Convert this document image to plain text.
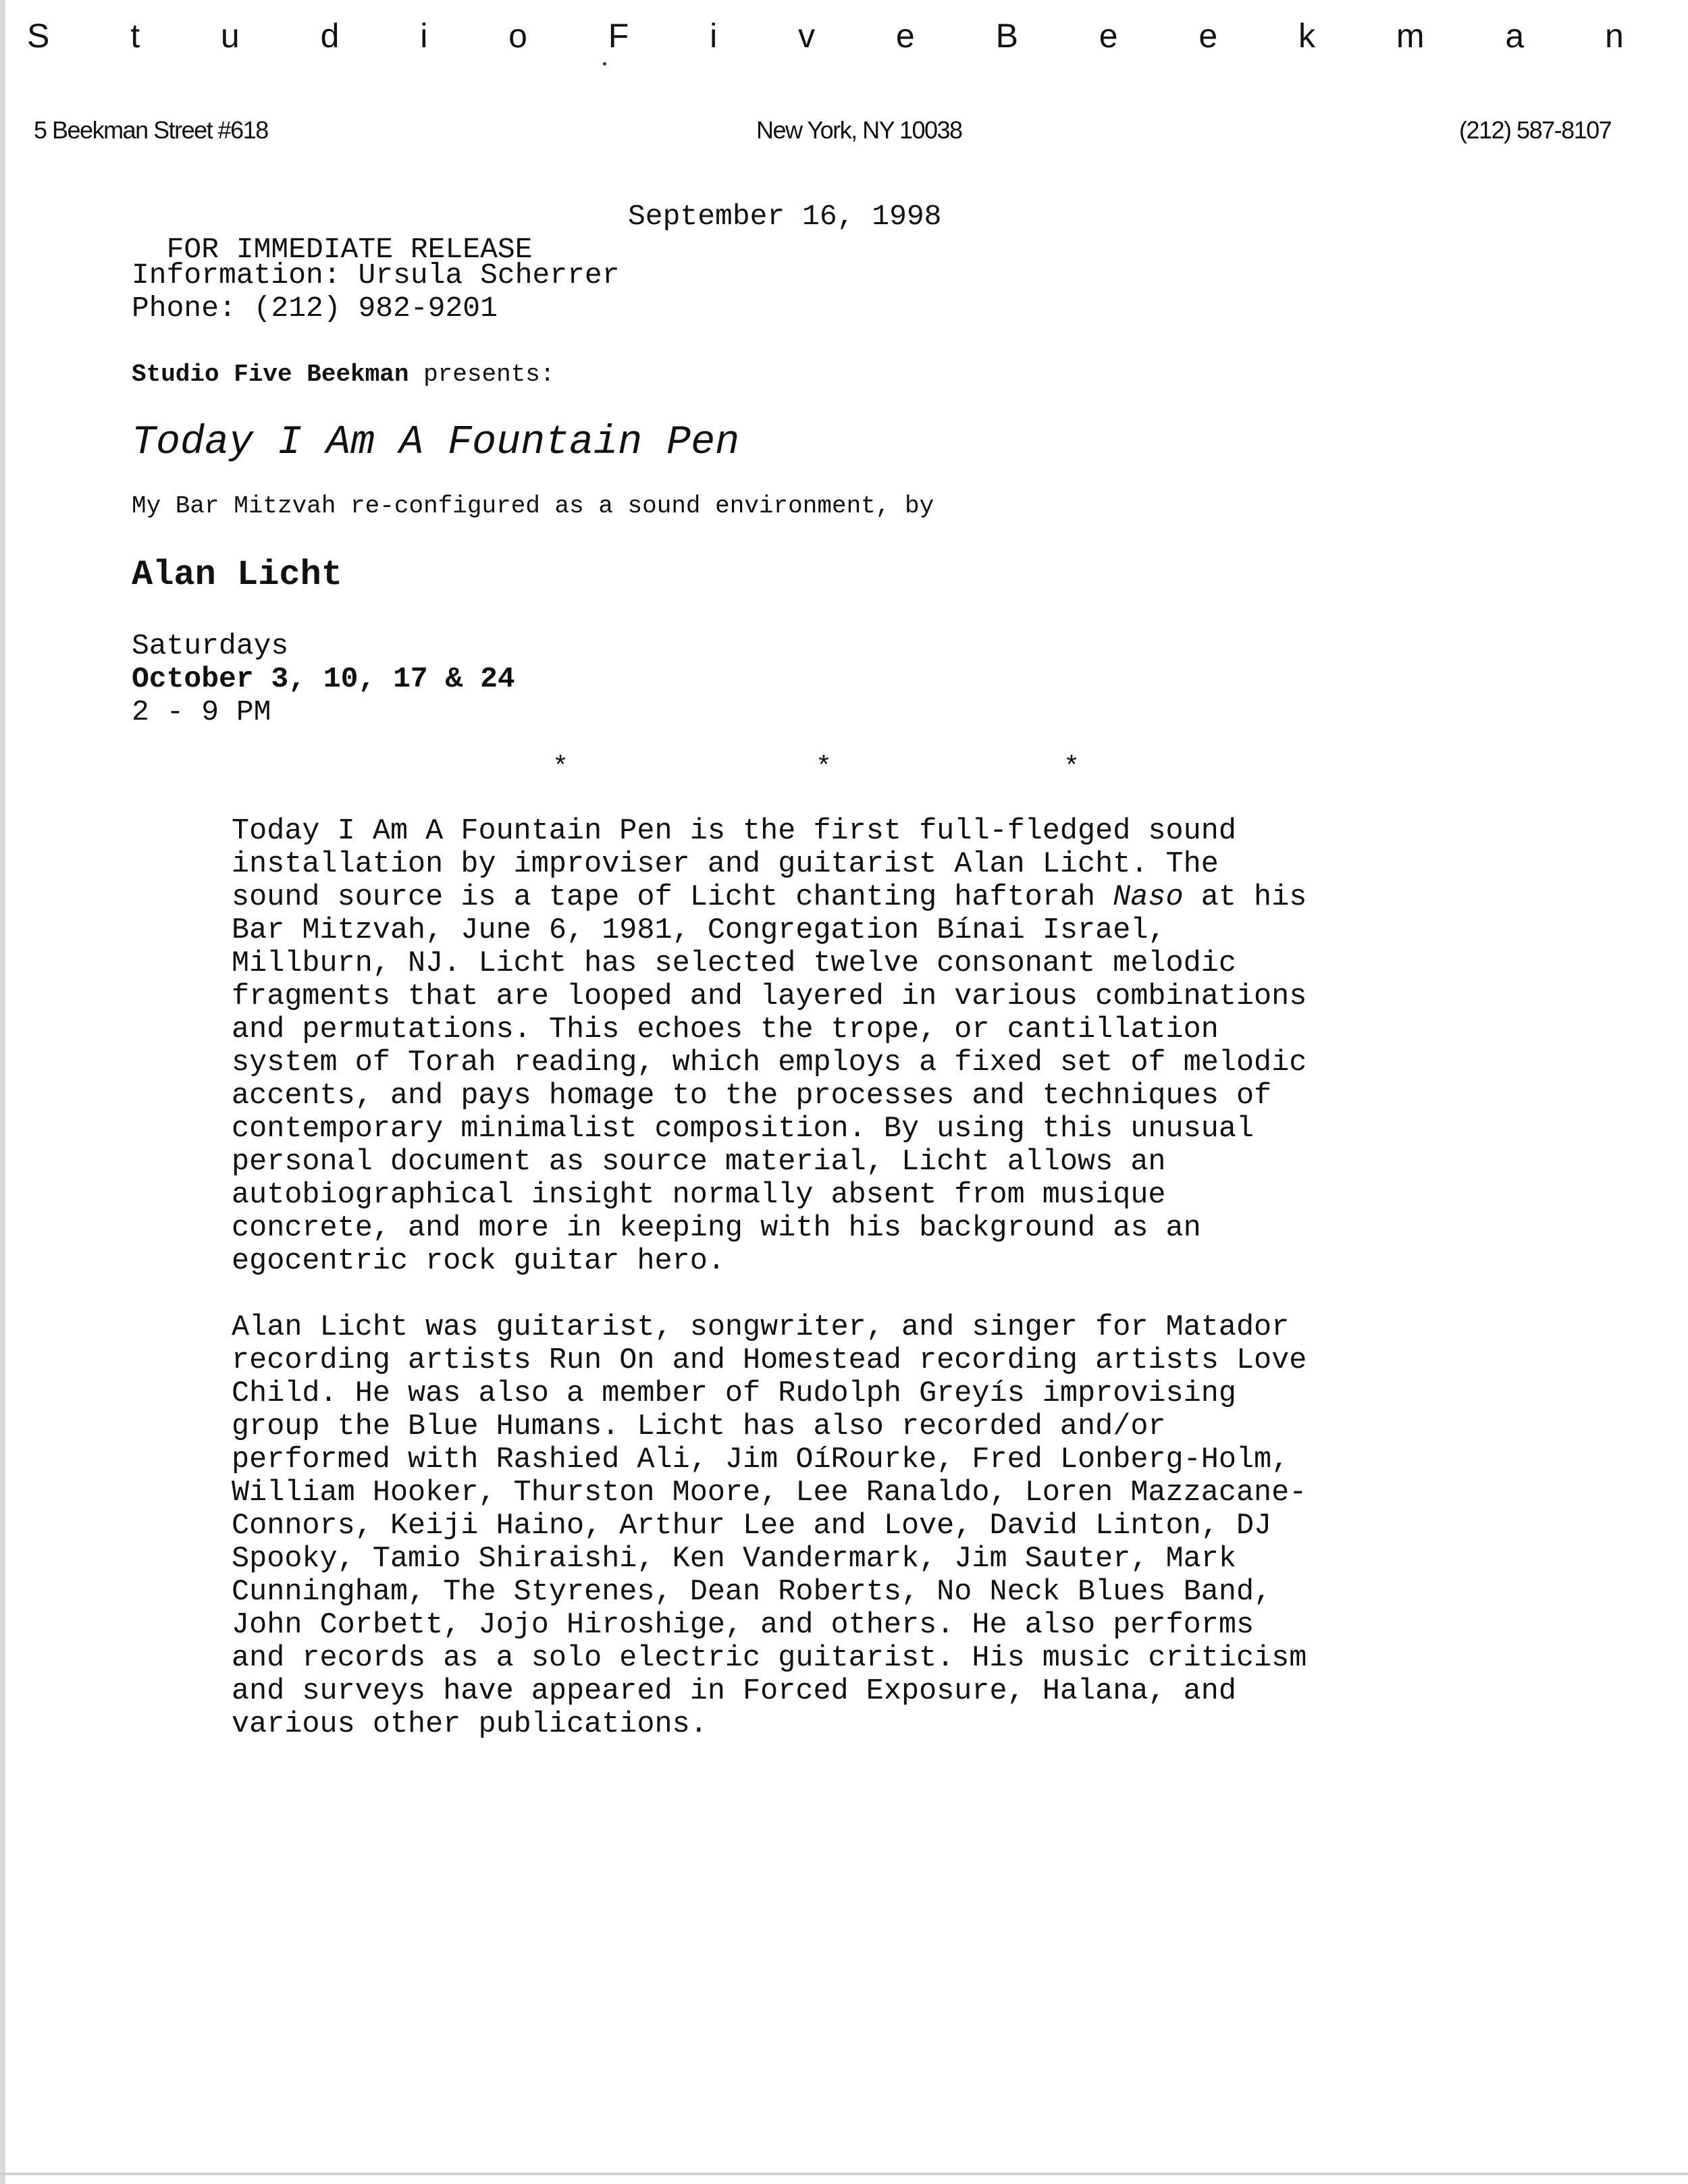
S t u d i o F i v e B e e k m a n
5 Beekman Street #618	New York, NY 10038	(212) 587-8107

FOR IMMEDIATE RELEASE

September 16, 1998

Information: Ursula Scherrer
Phone: (212) 982-9201
Studio Five Beekman presents:
Today I Am A Fountain Pen
My Bar Mitzvah re-configured as a sound environment, by
Alan Licht
Saturdays
October 3, 10, 17 & 24
2 - 9 PM
*	*	*
Today I Am A Fountain Pen is the first full-fledged sound
installation by improviser and guitarist Alan Licht. The
sound source is a tape of Licht chanting haftorah Naso at his
Bar Mitzvah, June 6, 1981, Congregation Bínai Israel,
Millburn, NJ. Licht has selected twelve consonant melodic
fragments that are looped and layered in various combinations
and permutations. This echoes the trope, or cantillation
system of Torah reading, which employs a fixed set of melodic
accents, and pays homage to the processes and techniques of
contemporary minimalist composition. By using this unusual
personal document as source material, Licht allows an
autobiographical insight normally absent from musique
concrete, and more in keeping with his background as an
egocentric rock guitar hero.
Alan Licht was guitarist, songwriter, and singer for Matador
recording artists Run On and Homestead recording artists Love
Child. He was also a member of Rudolph Greyís improvising
group the Blue Humans. Licht has also recorded and/or
performed with Rashied Ali, Jim OíRourke, Fred Lonberg-Holm,
William Hooker, Thurston Moore, Lee Ranaldo, Loren Mazzacane-
Connors, Keiji Haino, Arthur Lee and Love, David Linton, DJ
Spooky, Tamio Shiraishi, Ken Vandermark, Jim Sauter, Mark
Cunningham, The Styrenes, Dean Roberts, No Neck Blues Band,
John Corbett, Jojo Hiroshige, and others. He also performs
and records as a solo electric guitarist. His music criticism
and surveys have appeared in Forced Exposure, Halana, and
various other publications.
